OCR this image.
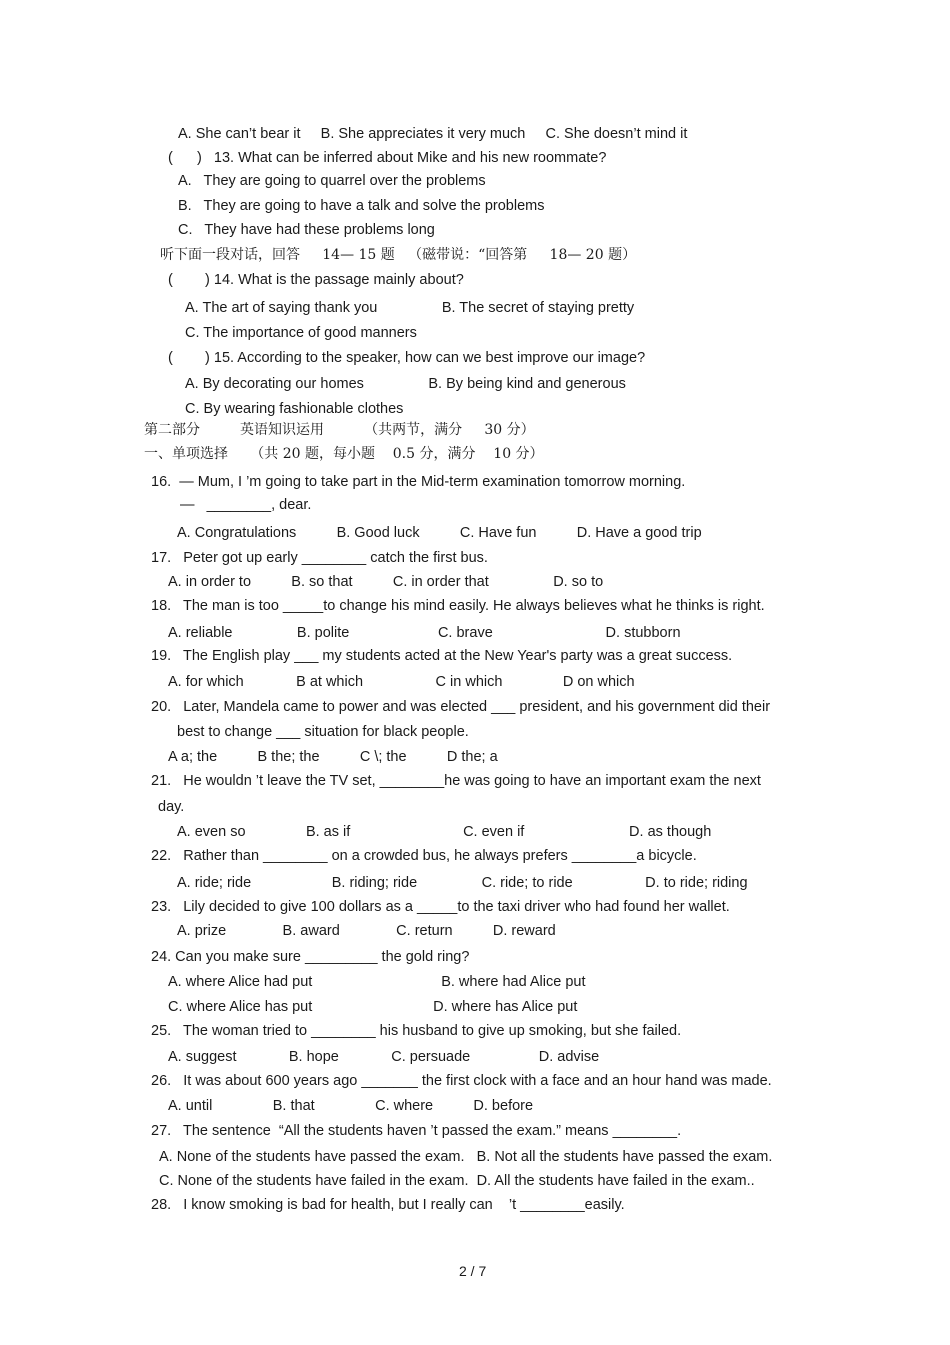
A. She can’t bear it     B. She appreciates it very much     C. She doesn’t mind it
(      )   13. What can be inferred about Mike and his new roommate?
A.   They are going to quarrel over the problems
B.   They are going to have a talk and solve the problems
C.   They have had these problems long
听下面一段对话，回答     14— 15 题   （磁带说：“回答第     18— 20 题）
(        ) 14. What is the passage mainly about?
A. The art of saying thank you                B. The secret of staying pretty
C. The importance of good manners
(        ) 15. According to the speaker, how can we best improve our image?
A. By decorating our homes                B. By being kind and generous
C. By wearing fashionable clothes
第二部分         英语知识运用         （共两节，满分     30 分）
一、单项选择     （共 20 题，每小题    0.5 分，满分    10 分）
16.  — Mum, I ’m going to take part in the Mid-term examination tomorrow morning.
—   ________, dear.
A. Congratulations          B. Good luck          C. Have fun          D. Have a good trip
17.   Peter got up early ________ catch the first bus.
A. in order to          B. so that          C. in order that                D. so to
18.   The man is too _____to change his mind easily. He always believes what he thinks is right.
A. reliable                B. polite                      C. brave                            D. stubborn
19.   The English play ___ my students acted at the New Year's party was a great success.
A. for which             B at which                  C in which               D on which
20.   Later, Mandela came to power and was elected ___ president, and his government did their
best to change ___ situation for black people.
A a; the          B the; the          C \; the          D the; a
21.   He wouldn ’t leave the TV set, ________he was going to have an important exam the next
day.
A. even so               B. as if                            C. even if                          D. as though
22.   Rather than ________ on a crowded bus, he always prefers ________a bicycle.
A. ride; ride                    B. riding; ride                C. ride; to ride                  D. to ride; riding
23.   Lily decided to give 100 dollars as a _____to the taxi driver who had found her wallet.
A. prize              B. award              C. return          D. reward
24. Can you make sure _________ the gold ring?
A. where Alice had put                                B. where had Alice put
C. where Alice has put                              D. where has Alice put
25.   The woman tried to ________ his husband to give up smoking, but she failed.
A. suggest             B. hope             C. persuade                 D. advise
26.   It was about 600 years ago _______ the first clock with a face and an hour hand was made.
A. until               B. that               C. where          D. before
27.   The sentence  “All the students haven ’t passed the exam.” means ________.
A. None of the students have passed the exam.   B. Not all the students have passed the exam.
C. None of the students have failed in the exam.  D. All the students have failed in the exam..
28.   I know smoking is bad for health, but I really can    ’t ________easily.
2 / 7
